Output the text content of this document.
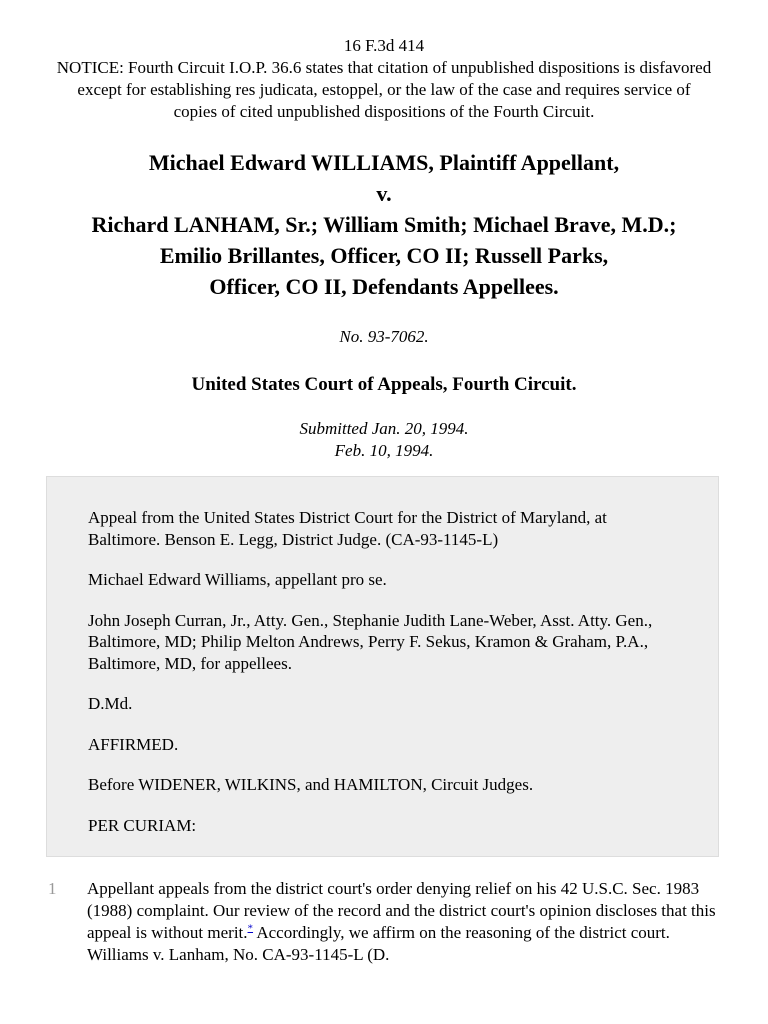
16 F.3d 414
NOTICE: Fourth Circuit I.O.P. 36.6 states that citation of unpublished dispositions is disfavored except for establishing res judicata, estoppel, or the law of the case and requires service of copies of cited unpublished dispositions of the Fourth Circuit.
Michael Edward WILLIAMS, Plaintiff Appellant,
v.
Richard LANHAM, Sr.; William Smith; Michael Brave, M.D.;
Emilio Brillantes, Officer, CO II; Russell Parks,
Officer, CO II, Defendants Appellees.
No. 93-7062.
United States Court of Appeals, Fourth Circuit.
Submitted Jan. 20, 1994.
Feb. 10, 1994.

Appeal from the United States District Court for the District of Maryland, at Baltimore. Benson E. Legg, District Judge. (CA-93-1145-L)

Michael Edward Williams, appellant pro se.

John Joseph Curran, Jr., Atty. Gen., Stephanie Judith Lane-Weber, Asst. Atty. Gen., Baltimore, MD; Philip Melton Andrews, Perry F. Sekus, Kramon & Graham, P.A., Baltimore, MD, for appellees.

D.Md.

AFFIRMED.

Before WIDENER, WILKINS, and HAMILTON, Circuit Judges.

PER CURIAM:

1 Appellant appeals from the district court's order denying relief on his 42 U.S.C. Sec. 1983 (1988) complaint. Our review of the record and the district court's opinion discloses that this appeal is without merit.* Accordingly, we affirm on the reasoning of the district court. Williams v. Lanham, No. CA-93-1145-L (D.
